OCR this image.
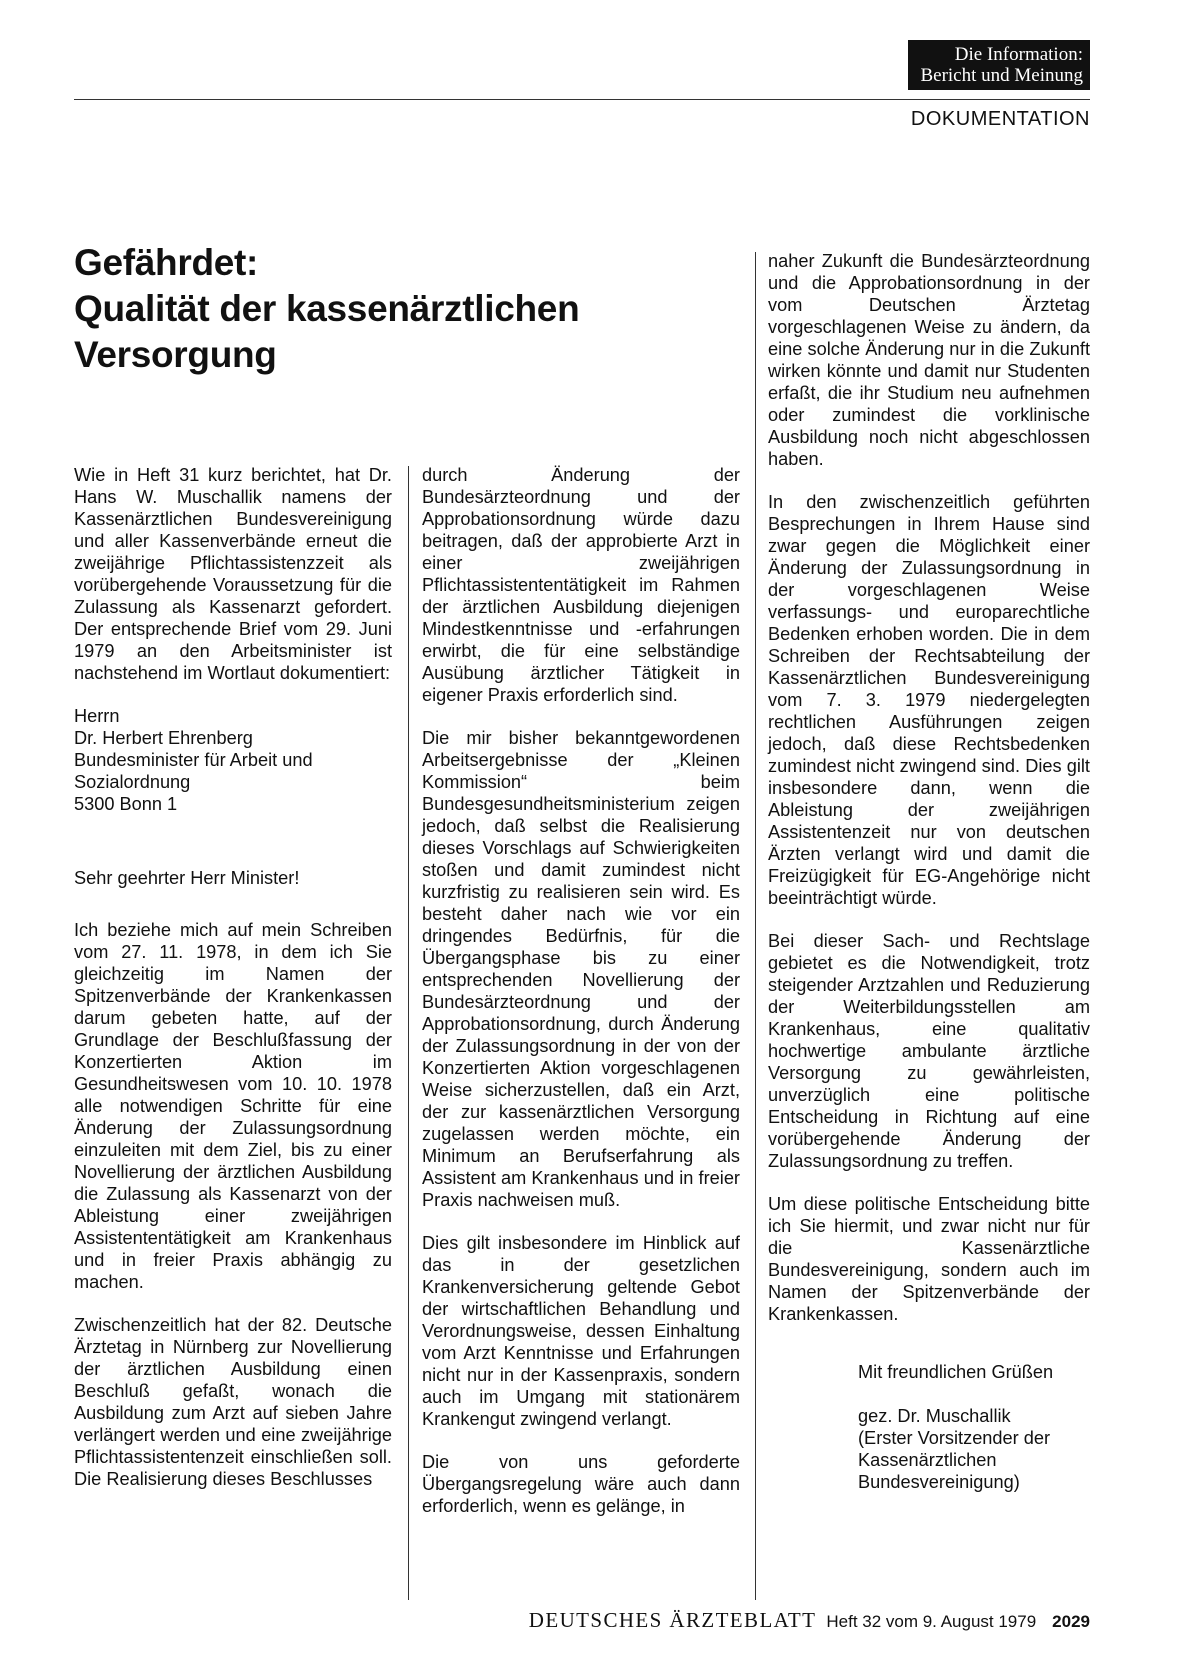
Die Information:
Bericht und Meinung
DOKUMENTATION
Gefährdet:
Qualität der kassenärztlichen
Versorgung

Wie in Heft 31 kurz berichtet, hat Dr. Hans W. Muschallik namens der Kassenärztlichen Bundesvereinigung und aller Kassenverbände erneut die zweijährige Pflichtassistenzzeit als vorübergehende Voraussetzung für die Zulassung als Kassenarzt gefordert. Der entsprechende Brief vom 29. Juni 1979 an den Arbeitsminister ist nachstehend im Wortlaut dokumentiert:

Herrn
Dr. Herbert Ehrenberg
Bundesminister für Arbeit und
Sozialordnung
5300 Bonn 1

Sehr geehrter Herr Minister!

Ich beziehe mich auf mein Schreiben vom 27. 11. 1978, in dem ich Sie gleichzeitig im Namen der Spitzenverbände der Krankenkassen darum gebeten hatte, auf der Grundlage der Beschlußfassung der Konzertierten Aktion im Gesundheitswesen vom 10. 10. 1978 alle notwendigen Schritte für eine Änderung der Zulassungsordnung einzuleiten mit dem Ziel, bis zu einer Novellierung der ärztlichen Ausbildung die Zulassung als Kassenarzt von der Ableistung einer zweijährigen Assistententätigkeit am Krankenhaus und in freier Praxis abhängig zu machen.

Zwischenzeitlich hat der 82. Deutsche Ärztetag in Nürnberg zur Novellierung der ärztlichen Ausbildung einen Beschluß gefaßt, wonach die Ausbildung zum Arzt auf sieben Jahre verlängert werden und eine zweijährige Pflichtassistentenzeit einschließen soll. Die Realisierung dieses Beschlusses

durch Änderung der Bundesärzteordnung und der Approbationsordnung würde dazu beitragen, daß der approbierte Arzt in einer zweijährigen Pflichtassistententätigkeit im Rahmen der ärztlichen Ausbildung diejenigen Mindestkenntnisse und -erfahrungen erwirbt, die für eine selbständige Ausübung ärztlicher Tätigkeit in eigener Praxis erforderlich sind.

Die mir bisher bekanntgewordenen Arbeitsergebnisse der „Kleinen Kommission“ beim Bundesgesundheitsministerium zeigen jedoch, daß selbst die Realisierung dieses Vorschlags auf Schwierigkeiten stoßen und damit zumindest nicht kurzfristig zu realisieren sein wird. Es besteht daher nach wie vor ein dringendes Bedürfnis, für die Übergangsphase bis zu einer entsprechenden Novellierung der Bundesärzteordnung und der Approbationsordnung, durch Änderung der Zulassungsordnung in der von der Konzertierten Aktion vorgeschlagenen Weise sicherzustellen, daß ein Arzt, der zur kassenärztlichen Versorgung zugelassen werden möchte, ein Minimum an Berufserfahrung als Assistent am Krankenhaus und in freier Praxis nachweisen muß.

Dies gilt insbesondere im Hinblick auf das in der gesetzlichen Krankenversicherung geltende Gebot der wirtschaftlichen Behandlung und Verordnungsweise, dessen Einhaltung vom Arzt Kenntnisse und Erfahrungen nicht nur in der Kassenpraxis, sondern auch im Umgang mit stationärem Krankengut zwingend verlangt.

Die von uns geforderte Übergangsregelung wäre auch dann erforderlich, wenn es gelänge, in

naher Zukunft die Bundesärzteordnung und die Approbationsordnung in der vom Deutschen Ärztetag vorgeschlagenen Weise zu ändern, da eine solche Änderung nur in die Zukunft wirken könnte und damit nur Studenten erfaßt, die ihr Studium neu aufnehmen oder zumindest die vorklinische Ausbildung noch nicht abgeschlossen haben.

In den zwischenzeitlich geführten Besprechungen in Ihrem Hause sind zwar gegen die Möglichkeit einer Änderung der Zulassungsordnung in der vorgeschlagenen Weise verfassungs- und europarechtliche Bedenken erhoben worden. Die in dem Schreiben der Rechtsabteilung der Kassenärztlichen Bundesvereinigung vom 7. 3. 1979 niedergelegten rechtlichen Ausführungen zeigen jedoch, daß diese Rechtsbedenken zumindest nicht zwingend sind. Dies gilt insbesondere dann, wenn die Ableistung der zweijährigen Assistentenzeit nur von deutschen Ärzten verlangt wird und damit die Freizügigkeit für EG-Angehörige nicht beeinträchtigt würde.

Bei dieser Sach- und Rechtslage gebietet es die Notwendigkeit, trotz steigender Arztzahlen und Reduzierung der Weiterbildungsstellen am Krankenhaus, eine qualitativ hochwertige ambulante ärztliche Versorgung zu gewährleisten, unverzüglich eine politische Entscheidung in Richtung auf eine vorübergehende Änderung der Zulassungsordnung zu treffen.

Um diese politische Entscheidung bitte ich Sie hiermit, und zwar nicht nur für die Kassenärztliche Bundesvereinigung, sondern auch im Namen der Spitzenverbände der Krankenkassen.

Mit freundlichen Grüßen
gez. Dr. Muschallik
(Erster Vorsitzender der
Kassenärztlichen
Bundesvereinigung)
DEUTSCHES ÄRZTEBLATT Heft 32 vom 9. August 1979 2029
